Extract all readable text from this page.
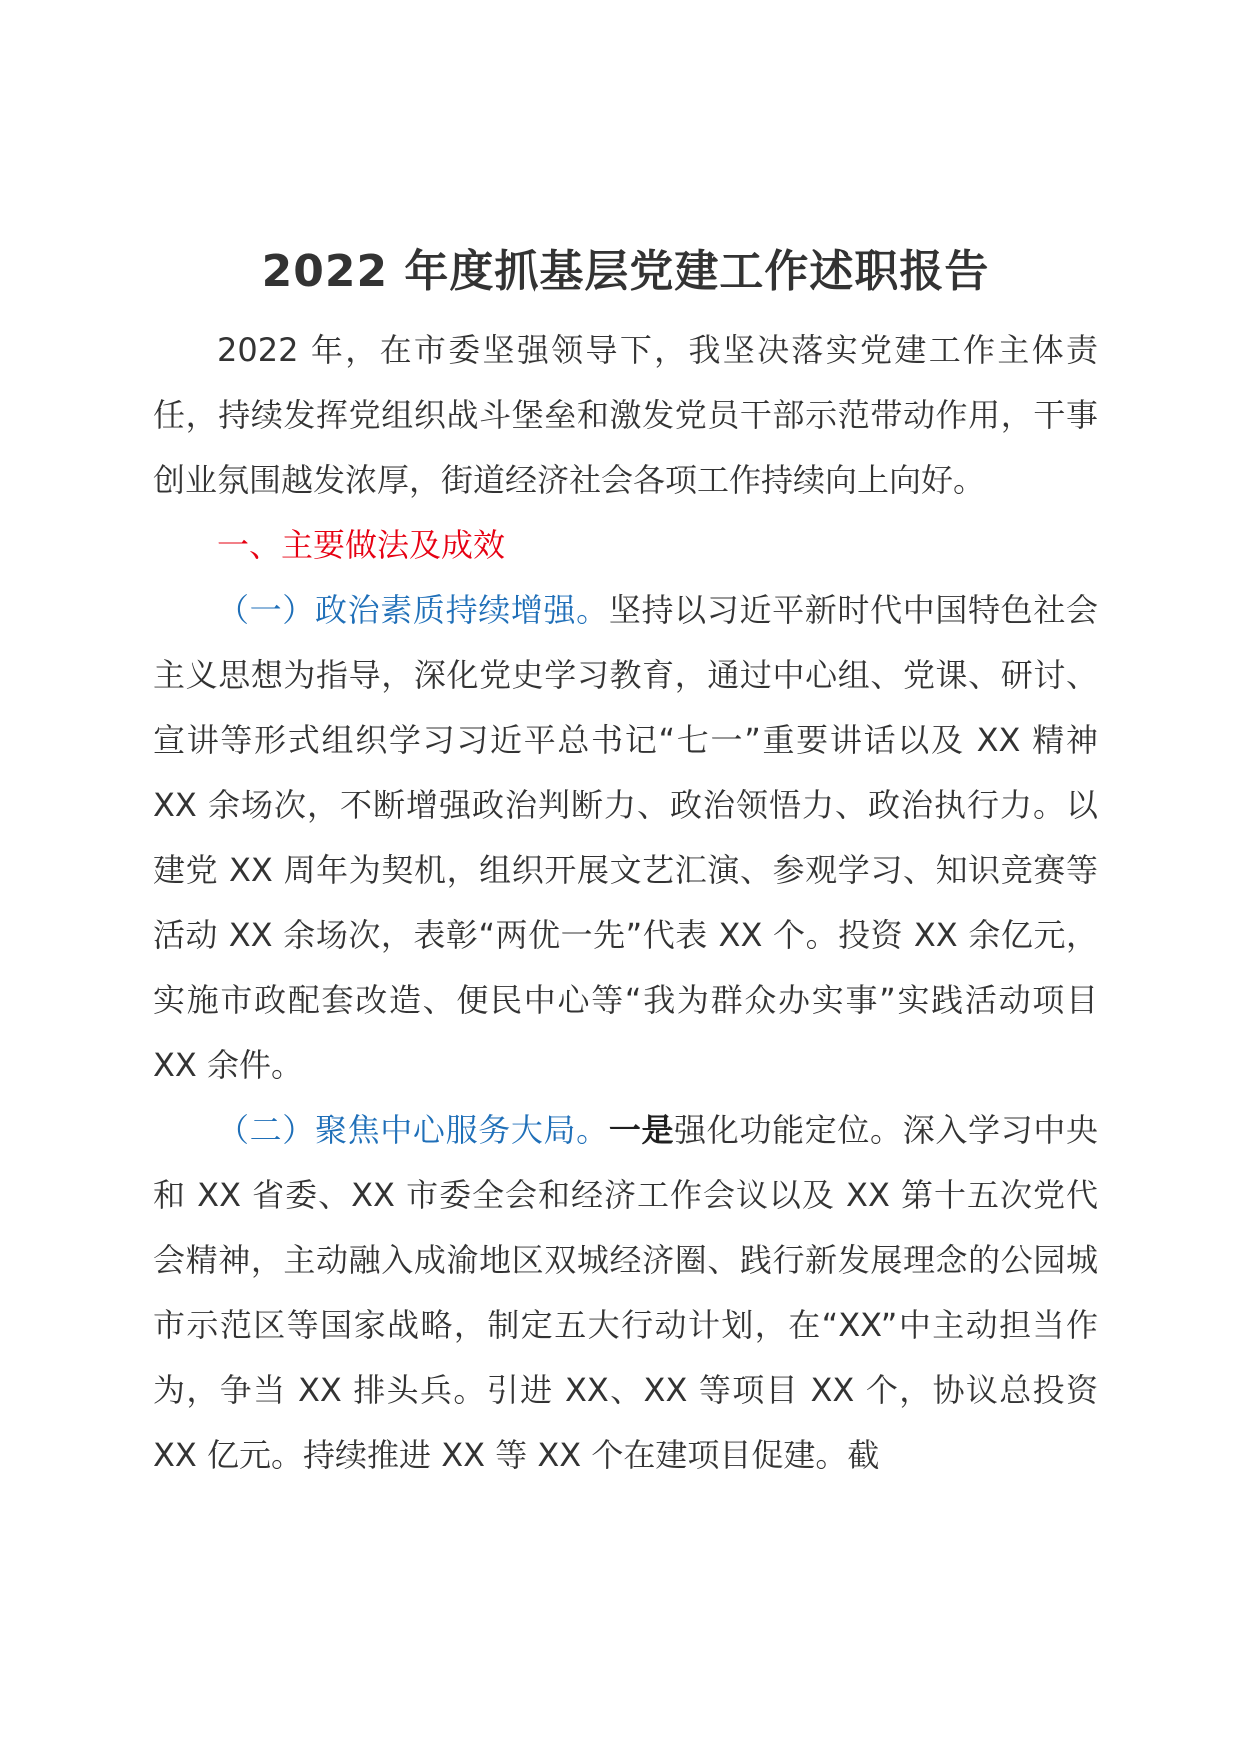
2022 年度抓基层党建工作述职报告

2022 年，在市委坚强领导下，我坚决落实党建工作主体责任，持续发挥党组织战斗堡垒和激发党员干部示范带动作用，干事创业氛围越发浓厚，街道经济社会各项工作持续向上向好。

一、主要做法及成效

（一）政治素质持续增强。坚持以习近平新时代中国特色社会主义思想为指导，深化党史学习教育，通过中心组、党课、研讨、宣讲等形式组织学习习近平总书记“七一”重要讲话以及 XX 精神 XX 余场次，不断增强政治判断力、政治领悟力、政治执行力。以建党 XX 周年为契机，组织开展文艺汇演、参观学习、知识竞赛等活动 XX 余场次，表彰“两优一先”代表 XX 个。投资 XX 余亿元，实施市政配套改造、便民中心等“我为群众办实事”实践活动项目 XX 余件。

（二）聚焦中心服务大局。一是强化功能定位。深入学习中央和 XX 省委、XX 市委全会和经济工作会议以及 XX 第十五次党代会精神，主动融入成渝地区双城经济圈、践行新发展理念的公园城市示范区等国家战略，制定五大行动计划，在“XX”中主动担当作为，争当 XX 排头兵。引进 XX、XX 等项目 XX 个，协议总投资 XX 亿元。持续推进 XX 等 XX 个在建项目促建。截
